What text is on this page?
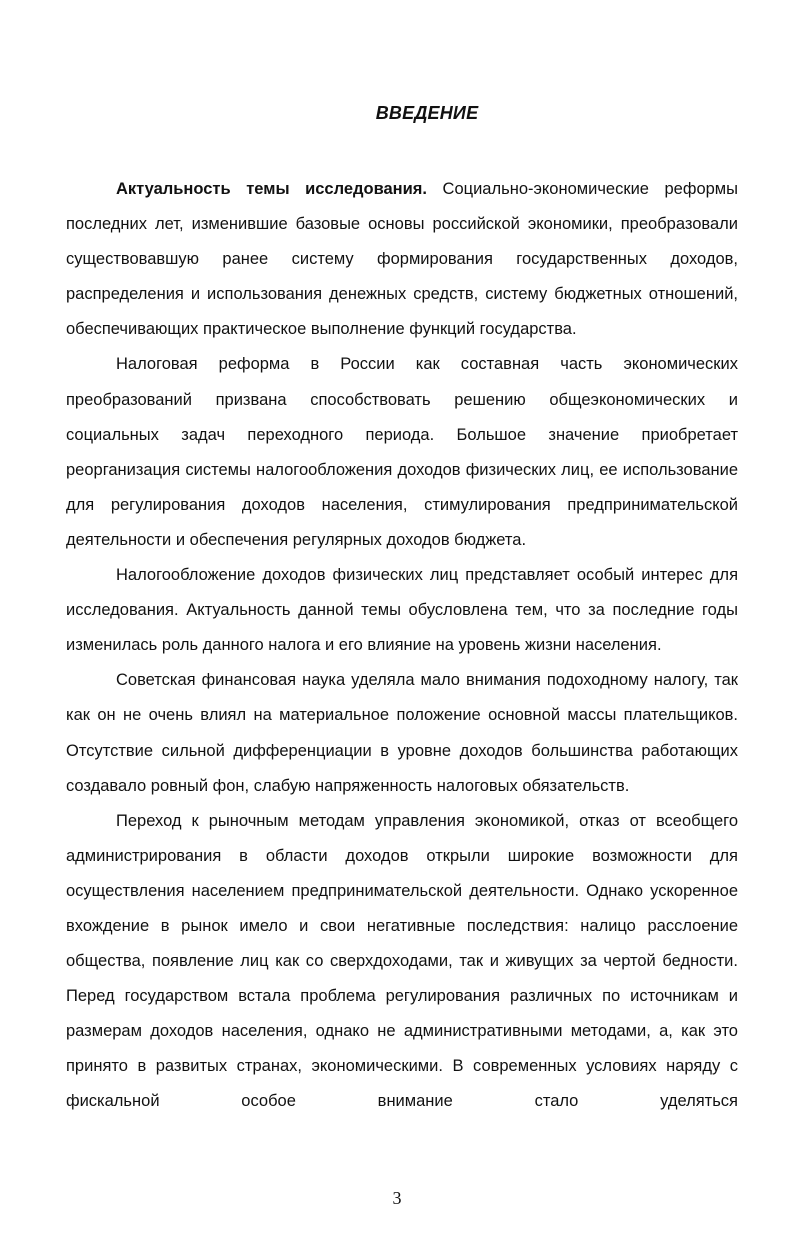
ВВЕДЕНИЕ

Актуальность темы исследования. Социально-экономические реформы последних лет, изменившие базовые основы российской экономики, преобразовали существовавшую ранее систему формирования государственных доходов, распределения и использования денежных средств, систему бюджетных отношений, обеспечивающих практическое выполнение функций государства.

Налоговая реформа в России как составная часть экономических преобразований призвана способствовать решению общеэкономических и социальных задач переходного периода. Большое значение приобретает реорганизация системы налогообложения доходов физических лиц, ее использование для регулирования доходов населения, стимулирования предпринимательской деятельности и обеспечения регулярных доходов бюджета.

Налогообложение доходов физических лиц представляет особый интерес для исследования. Актуальность данной темы обусловлена тем, что за последние годы изменилась роль данного налога и его влияние на уровень жизни населения.

Советская финансовая наука уделяла мало внимания подоходному налогу, так как он не очень влиял на материальное положение основной массы плательщиков. Отсутствие сильной дифференциации в уровне доходов большинства работающих создавало ровный фон, слабую напряженность налоговых обязательств.

Переход к рыночным методам управления экономикой, отказ от всеобщего администрирования в области доходов открыли широкие возможности для осуществления населением предпринимательской деятельности. Однако ускоренное вхождение в рынок имело и свои негативные последствия: налицо расслоение общества, появление лиц как со сверхдоходами, так и живущих за чертой бедности. Перед государством встала проблема регулирования различных по источникам и размерам доходов населения, однако не административными методами, а, как это принято в развитых странах, экономическими. В современных условиях наряду с фискальной особое внимание стало уделяться

3
